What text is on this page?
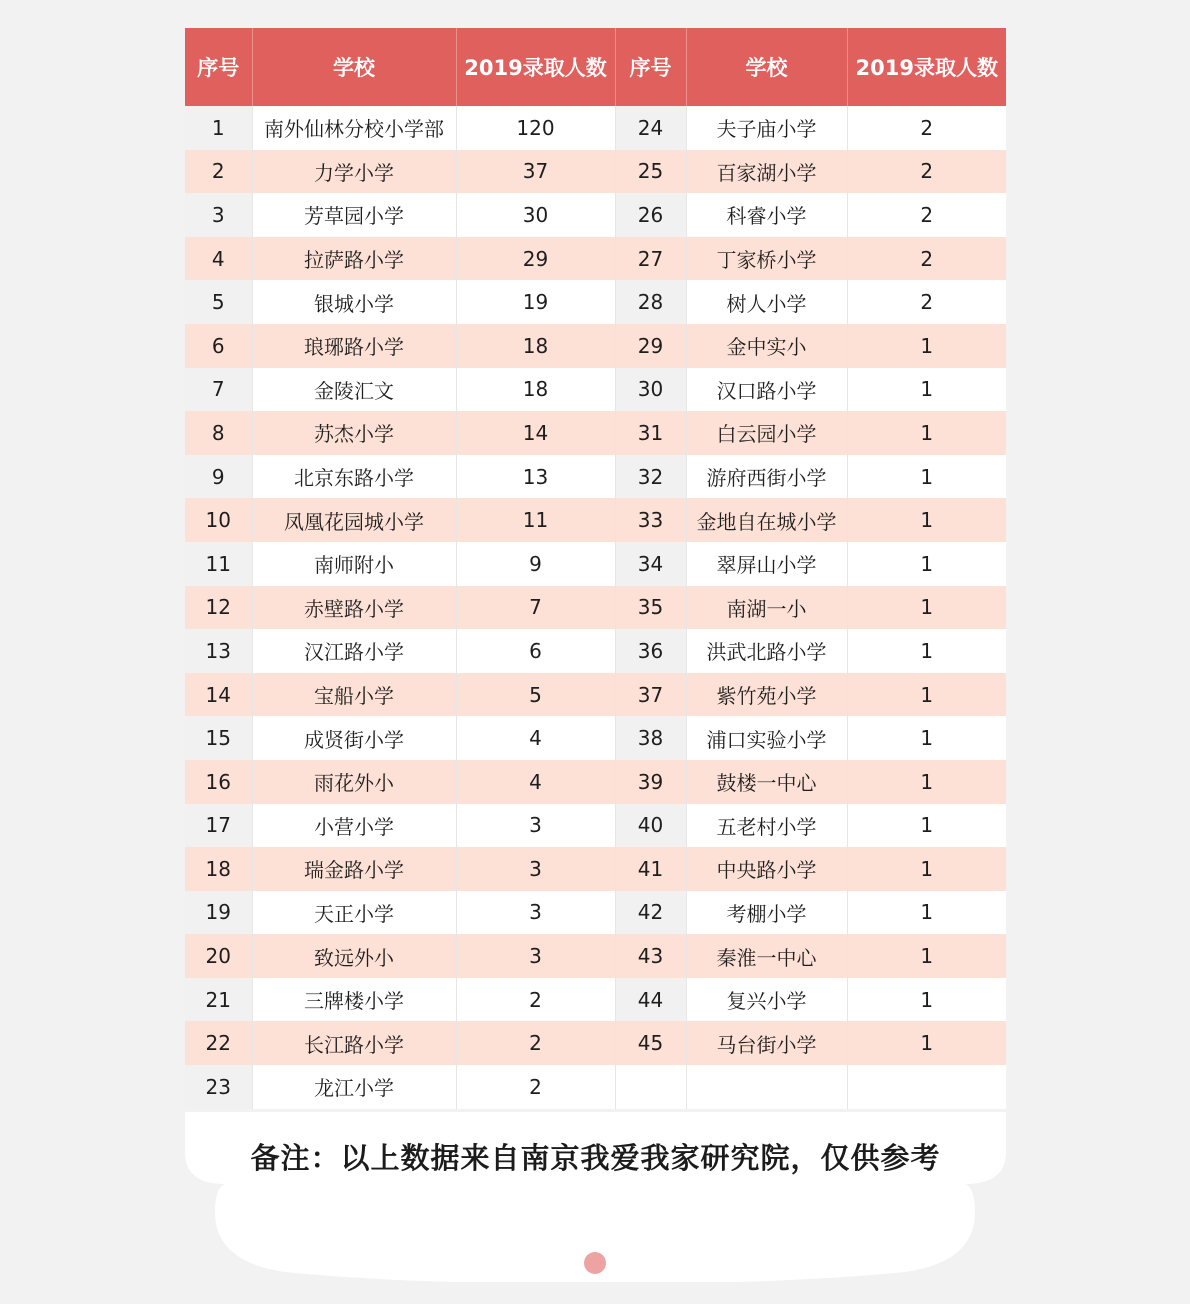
序号	学校	2019录取人数	序号	学校	2019录取人数
1	南外仙林分校小学部	120	24	夫子庙小学	2
2	力学小学	37	25	百家湖小学	2
3	芳草园小学	30	26	科睿小学	2
4	拉萨路小学	29	27	丁家桥小学	2
5	银城小学	19	28	树人小学	2
6	琅琊路小学	18	29	金中实小	1
7	金陵汇文	18	30	汉口路小学	1
8	苏杰小学	14	31	白云园小学	1
9	北京东路小学	13	32	游府西街小学	1
10	凤凰花园城小学	11	33	金地自在城小学	1
11	南师附小	9	34	翠屏山小学	1
12	赤壁路小学	7	35	南湖一小	1
13	汉江路小学	6	36	洪武北路小学	1
14	宝船小学	5	37	紫竹苑小学	1
15	成贤街小学	4	38	浦口实验小学	1
16	雨花外小	4	39	鼓楼一中心	1
17	小营小学	3	40	五老村小学	1
18	瑞金路小学	3	41	中央路小学	1
19	天正小学	3	42	考棚小学	1
20	致远外小	3	43	秦淮一中心	1
21	三牌楼小学	2	44	复兴小学	1
22	长江路小学	2	45	马台街小学	1
23	龙江小学	2			
备注：以上数据来自南京我爱我家研究院，仅供参考
